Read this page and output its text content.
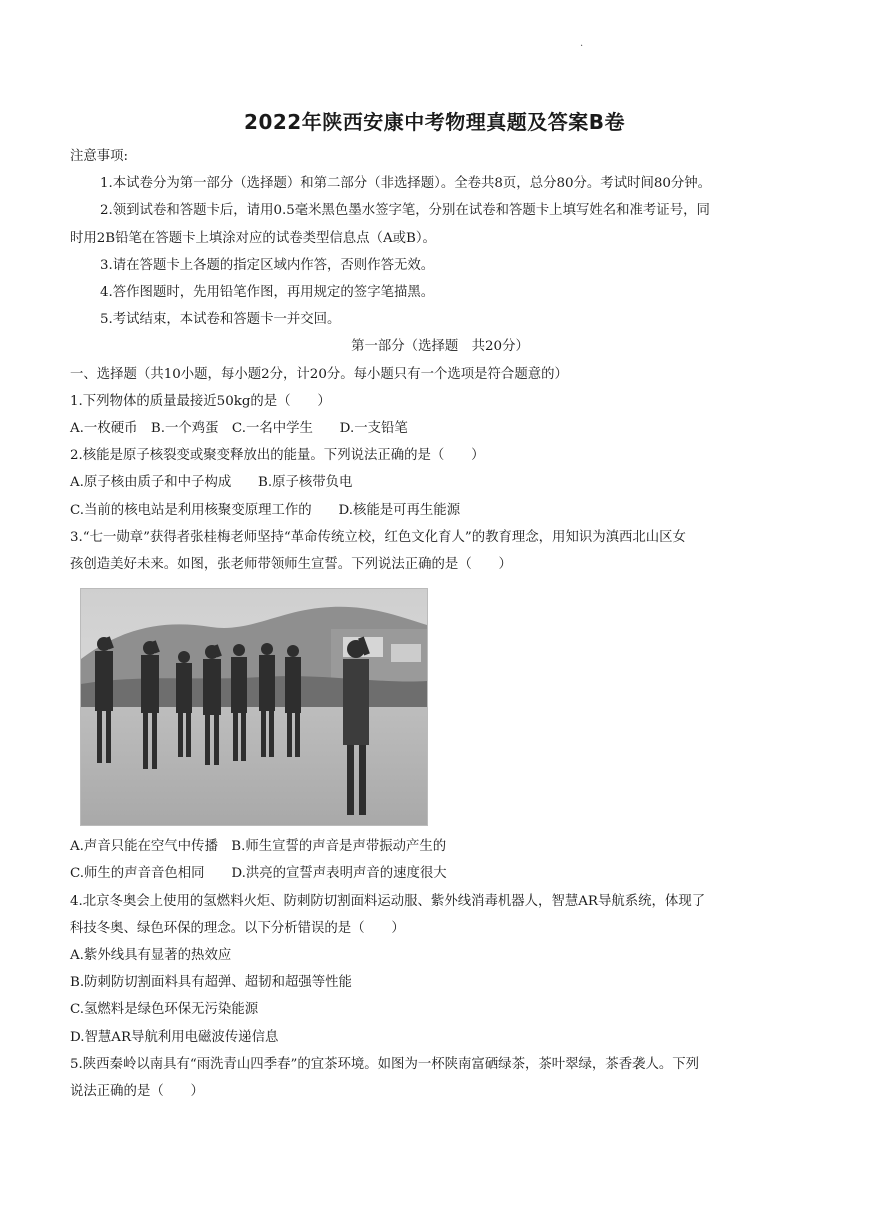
.
2022年陕西安康中考物理真题及答案B卷

注意事项:

1.本试卷分为第一部分（选择题）和第二部分（非选择题）。全卷共8页，总分80分。考试时间80分钟。

2.领到试卷和答题卡后，请用0.5毫米黑色墨水签字笔，分别在试卷和答题卡上填写姓名和准考证号，同

时用2B铅笔在答题卡上填涂对应的试卷类型信息点（A或B）。

3.请在答题卡上各题的指定区域内作答，否则作答无效。

4.答作图题时，先用铅笔作图，再用规定的签字笔描黑。

5.考试结束，本试卷和答题卡一并交回。

第一部分（选择题　共20分）

一、选择题（共10小题，每小题2分，计20分。每小题只有一个选项是符合题意的）

1.下列物体的质量最接近50kg的是（　　）

A.一枚硬币　B.一个鸡蛋　C.一名中学生　　D.一支铅笔

2.核能是原子核裂变或聚变释放出的能量。下列说法正确的是（　　）

A.原子核由质子和中子构成　　B.原子核带负电

C.当前的核电站是利用核聚变原理工作的　　D.核能是可再生能源

3.“七一勋章”获得者张桂梅老师坚持“革命传统立校，红色文化育人”的教育理念，用知识为滇西北山区女

孩创造美好未来。如图，张老师带领师生宣誓。下列说法正确的是（　　）

A.声音只能在空气中传播　B.师生宣誓的声音是声带振动产生的

C.师生的声音音色相同　　D.洪亮的宣誓声表明声音的速度很大

4.北京冬奥会上使用的氢燃料火炬、防刺防切割面料运动服、紫外线消毒机器人，智慧AR导航系统，体现了

科技冬奥、绿色环保的理念。以下分析错误的是（　　）

A.紫外线具有显著的热效应

B.防刺防切割面料具有超弹、超韧和超强等性能

C.氢燃料是绿色环保无污染能源

D.智慧AR导航利用电磁波传递信息

5.陕西秦岭以南具有“雨洗青山四季春”的宜茶环境。如图为一杯陕南富硒绿茶，茶叶翠绿，茶香袭人。下列

说法正确的是（　　）
